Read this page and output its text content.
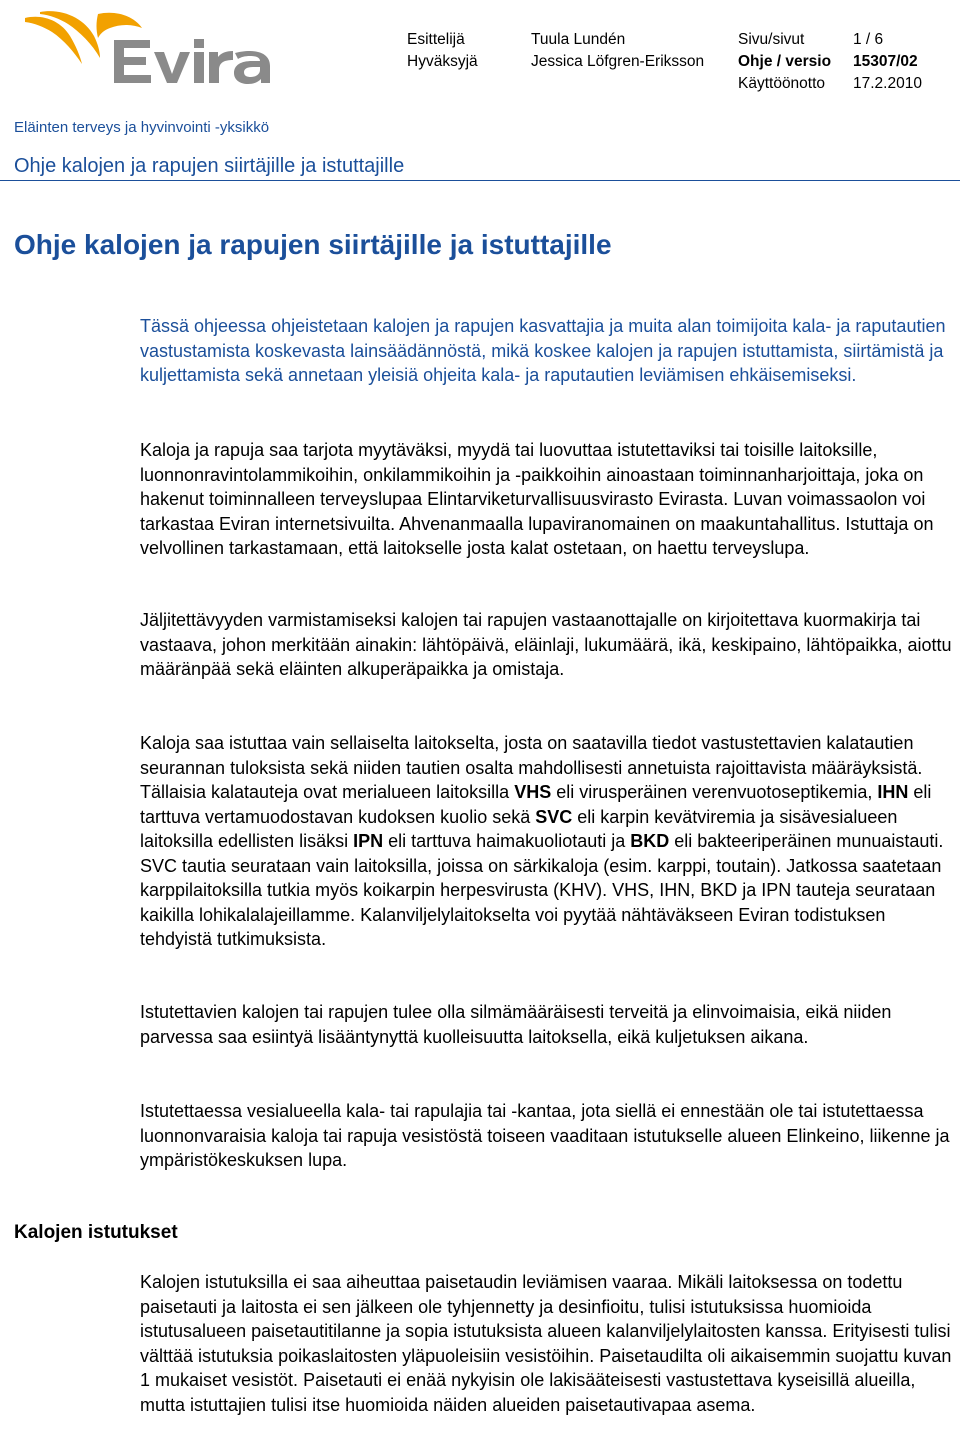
Esittelijä
Hyväksyjä
Tuula Lundén
Jessica Löfgren-Eriksson
Sivu/sivut	1 / 6
Ohje / versio 15307/02
Käyttöönotto 17.2.2010
Eläinten terveys ja hyvinvointi -yksikkö
Ohje kalojen ja rapujen siirtäjille ja istuttajille
Ohje kalojen ja rapujen siirtäjille ja istuttajille

Tässä ohjeessa ohjeistetaan kalojen ja rapujen kasvattajia ja muita alan toimijoita kala- ja raputautien vastustamista koskevasta lainsäädännöstä, mikä koskee kalojen ja rapujen istuttamista, siirtämistä ja kuljettamista sekä annetaan yleisiä ohjeita kala- ja raputautien leviämisen ehkäisemiseksi.

Kaloja ja rapuja saa tarjota myytäväksi, myydä tai luovuttaa istutettaviksi tai toisille laitoksille, luonnonravintolammikoihin, onkilammikoihin ja -paikkoihin ainoastaan toiminnanharjoittaja, joka on hakenut toiminnalleen terveyslupaa Elintarviketurvallisuusvirasto Evirasta. Luvan voimassaolon voi tarkastaa Eviran internetsivuilta. Ahvenanmaalla lupaviranomainen on maakuntahallitus. Istuttaja on velvollinen tarkastamaan, että laitokselle josta kalat ostetaan, on haettu terveyslupa.

Jäljitettävyyden varmistamiseksi kalojen tai rapujen vastaanottajalle on kirjoitettava kuormakirja tai vastaava, johon merkitään ainakin: lähtöpäivä, eläinlaji, lukumäärä, ikä, keskipaino, lähtöpaikka, aiottu määränpää sekä eläinten alkuperäpaikka ja omistaja.

Kaloja saa istuttaa vain sellaiselta laitokselta, josta on saatavilla tiedot vastustettavien kalatautien seurannan tuloksista sekä niiden tautien osalta mahdollisesti annetuista rajoittavista määräyksistä. Tällaisia kalatauteja ovat merialueen laitoksilla VHS eli virusperäinen verenvuotoseptikemia, IHN eli tarttuva vertamuodostavan kudoksen kuolio sekä SVC eli karpin kevätviremia ja sisävesialueen laitoksilla edellisten lisäksi IPN eli tarttuva haimakuoliotauti ja BKD eli bakteeriperäinen munuaistauti. SVC tautia seurataan vain laitoksilla, joissa on särkikaloja (esim. karppi, toutain). Jatkossa saatetaan karppilaitoksilla tutkia myös koikarpin herpesvirusta (KHV). VHS, IHN, BKD ja IPN tauteja seurataan kaikilla lohikalalajeillamme. Kalanviljelylaitokselta voi pyytää nähtäväkseen Eviran todistuksen tehdyistä tutkimuksista.

Istutettavien kalojen tai rapujen tulee olla silmämääräisesti terveitä ja elinvoimaisia, eikä niiden parvessa saa esiintyä lisääntynyttä kuolleisuutta laitoksella, eikä kuljetuksen aikana.

Istutettaessa vesialueella kala- tai rapulajia tai -kantaa, jota siellä ei ennestään ole tai istutettaessa luonnonvaraisia kaloja tai rapuja vesistöstä toiseen vaaditaan istutukselle alueen Elinkeino, liikenne ja ympäristökeskuksen lupa.

Kalojen istutukset

Kalojen istutuksilla ei saa aiheuttaa paisetaudin leviämisen vaaraa. Mikäli laitoksessa on todettu paisetauti ja laitosta ei sen jälkeen ole tyhjennetty ja desinfioitu, tulisi istutuksissa huomioida istutusalueen paisetautitilanne ja sopia istutuksista alueen kalanviljelylaitosten kanssa. Erityisesti tulisi välttää istutuksia poikaslaitosten yläpuoleisiin vesistöihin. Paisetaudilta oli aikaisemmin suojattu kuvan 1 mukaiset vesistöt. Paisetauti ei enää nykyisin ole lakisääteisesti vastustettava kyseisillä alueilla, mutta istuttajien tulisi itse huomioida näiden alueiden paisetautivapaa asema.
